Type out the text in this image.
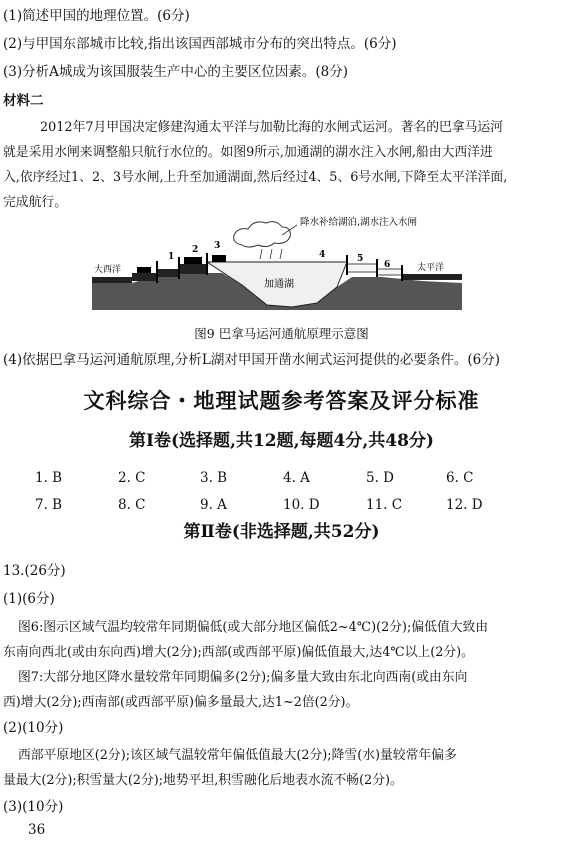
(1)简述甲国的地理位置。(6分)
(2)与甲国东部城市比较,指出该国西部城市分布的突出特点。(6分)
(3)分析A城成为该国服装生产中心的主要区位因素。(8分)
材料二
2012年7月甲国决定修建沟通太平洋与加勒比海的水闸式运河。著名的巴拿马运河
就是采用水闸来调整船只航行水位的。如图9所示,加通湖的湖水注入水闸,船由大西洋进
入,依序经过1、2、3号水闸,上升至加通湖面,然后经过4、5、6号水闸,下降至太平洋洋面,
完成航行。
降水补给湖泊,湖水注入水闸
大西洋	太平洋
加通湖
1
2 3
4	5
6
图9 巴拿马运河通航原理示意图
(4)依据巴拿马运河通航原理,分析L湖对甲国开凿水闸式运河提供的必要条件。(6分)
文科综合・地理试题参考答案及评分标准
第Ⅰ卷(选择题,共12题,每题4分,共48分)
1. B	2. C	3. B	4. A	5. D	6. C
7. B	8. C	9. A	10. D	11. C	12. D
第Ⅱ卷(非选择题,共52分)
13.(26分)
(1)(6分)
图6:图示区域气温均较常年同期偏低(或大部分地区偏低2~4℃)(2分);偏低值大致由
东南向西北(或由东向西)增大(2分);西部(或西部平原)偏低值最大,达4℃以上(2分)。
图7:大部分地区降水量较常年同期偏多(2分);偏多量大致由东北向西南(或由东向
西)增大(2分);西南部(或西部平原)偏多量最大,达1~2倍(2分)。
(2)(10分)
西部平原地区(2分);该区域气温较常年偏低值最大(2分);降雪(水)量较常年偏多
量最大(2分);积雪量大(2分);地势平坦,积雪融化后地表水流不畅(2分)。
(3)(10分)
36
